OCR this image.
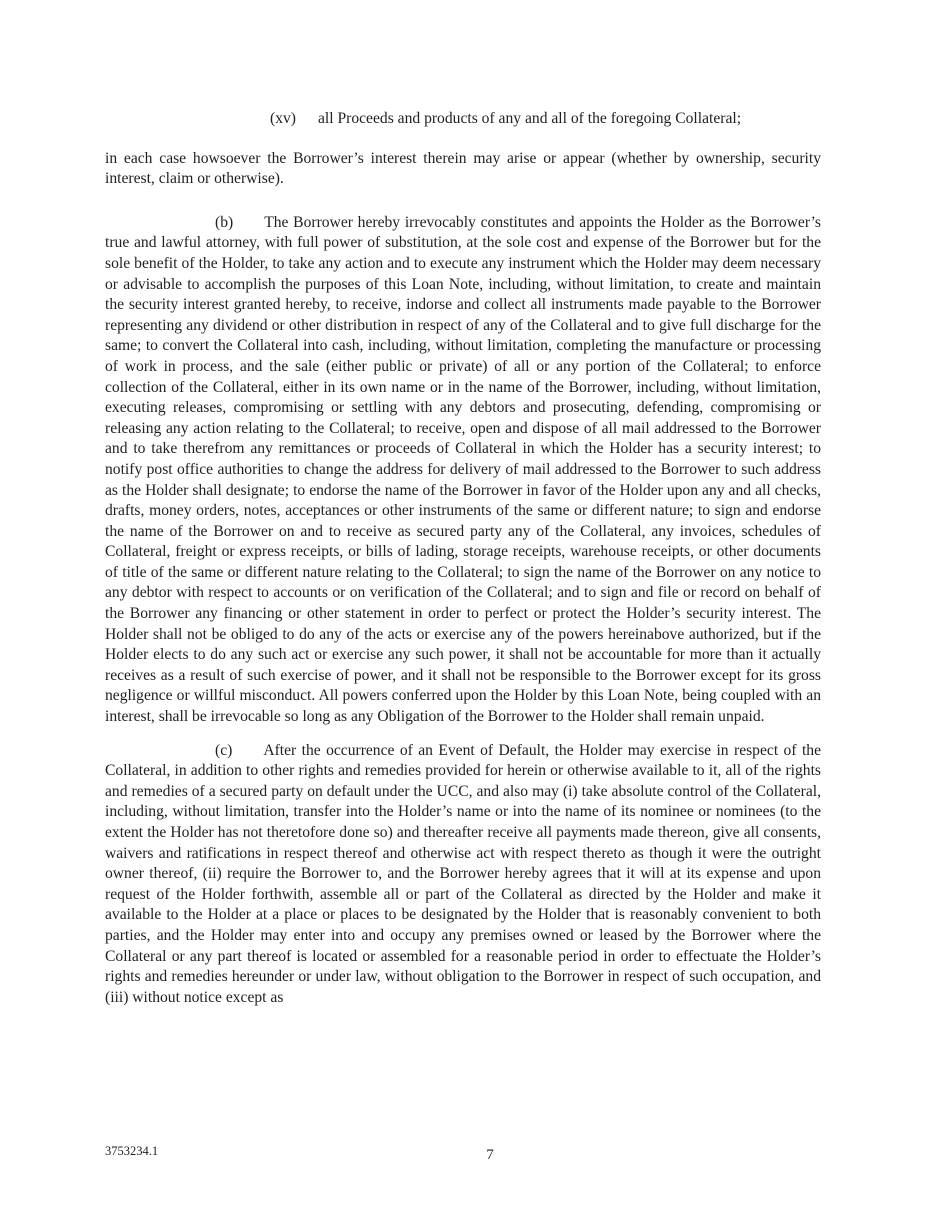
(xv) all Proceeds and products of any and all of the foregoing Collateral;

in each case howsoever the Borrower’s interest therein may arise or appear (whether by ownership, security interest, claim or otherwise).

(b) The Borrower hereby irrevocably constitutes and appoints the Holder as the Borrower’s true and lawful attorney, with full power of substitution, at the sole cost and expense of the Borrower but for the sole benefit of the Holder, to take any action and to execute any instrument which the Holder may deem necessary or advisable to accomplish the purposes of this Loan Note, including, without limitation, to create and maintain the security interest granted hereby, to receive, indorse and collect all instruments made payable to the Borrower representing any dividend or other distribution in respect of any of the Collateral and to give full discharge for the same; to convert the Collateral into cash, including, without limitation, completing the manufacture or processing of work in process, and the sale (either public or private) of all or any portion of the Collateral; to enforce collection of the Collateral, either in its own name or in the name of the Borrower, including, without limitation, executing releases, compromising or settling with any debtors and prosecuting, defending, compromising or releasing any action relating to the Collateral; to receive, open and dispose of all mail addressed to the Borrower and to take therefrom any remittances or proceeds of Collateral in which the Holder has a security interest; to notify post office authorities to change the address for delivery of mail addressed to the Borrower to such address as the Holder shall designate; to endorse the name of the Borrower in favor of the Holder upon any and all checks, drafts, money orders, notes, acceptances or other instruments of the same or different nature; to sign and endorse the name of the Borrower on and to receive as secured party any of the Collateral, any invoices, schedules of Collateral, freight or express receipts, or bills of lading, storage receipts, warehouse receipts, or other documents of title of the same or different nature relating to the Collateral; to sign the name of the Borrower on any notice to any debtor with respect to accounts or on verification of the Collateral; and to sign and file or record on behalf of the Borrower any financing or other statement in order to perfect or protect the Holder’s security interest. The Holder shall not be obliged to do any of the acts or exercise any of the powers hereinabove authorized, but if the Holder elects to do any such act or exercise any such power, it shall not be accountable for more than it actually receives as a result of such exercise of power, and it shall not be responsible to the Borrower except for its gross negligence or willful misconduct. All powers conferred upon the Holder by this Loan Note, being coupled with an interest, shall be irrevocable so long as any Obligation of the Borrower to the Holder shall remain unpaid.

(c) After the occurrence of an Event of Default, the Holder may exercise in respect of the Collateral, in addition to other rights and remedies provided for herein or otherwise available to it, all of the rights and remedies of a secured party on default under the UCC, and also may (i) take absolute control of the Collateral, including, without limitation, transfer into the Holder’s name or into the name of its nominee or nominees (to the extent the Holder has not theretofore done so) and thereafter receive all payments made thereon, give all consents, waivers and ratifications in respect thereof and otherwise act with respect thereto as though it were the outright owner thereof, (ii) require the Borrower to, and the Borrower hereby agrees that it will at its expense and upon request of the Holder forthwith, assemble all or part of the Collateral as directed by the Holder and make it available to the Holder at a place or places to be designated by the Holder that is reasonably convenient to both parties, and the Holder may enter into and occupy any premises owned or leased by the Borrower where the Collateral or any part thereof is located or assembled for a reasonable period in order to effectuate the Holder’s rights and remedies hereunder or under law, without obligation to the Borrower in respect of such occupation, and (iii) without notice except as

3753234.1	7
